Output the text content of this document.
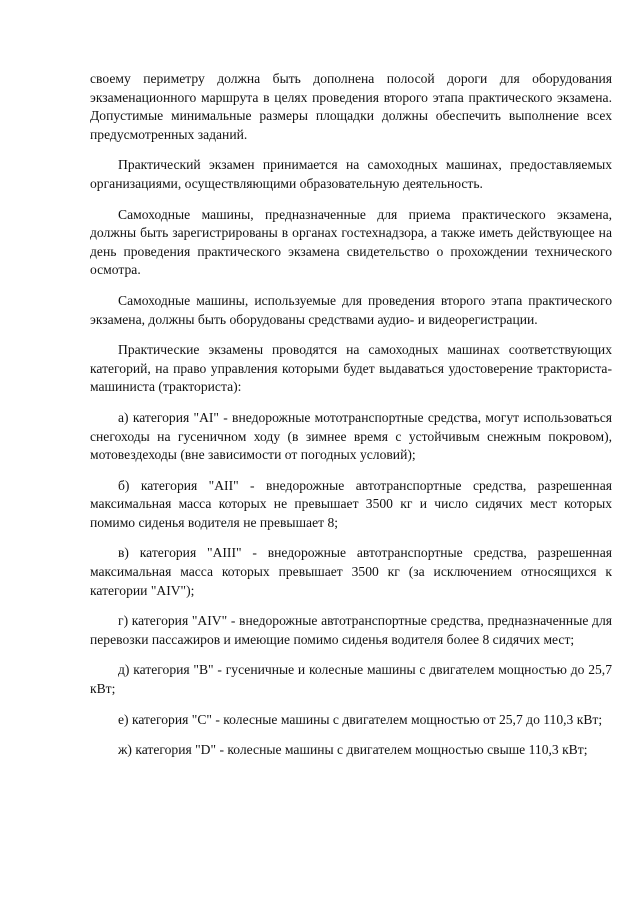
своему периметру должна быть дополнена полосой дороги для оборудования экзаменационного маршрута в целях проведения второго этапа практического экзамена. Допустимые минимальные размеры площадки должны обеспечить выполнение всех предусмотренных заданий.

Практический экзамен принимается на самоходных машинах, предоставляемых организациями, осуществляющими образовательную деятельность.

Самоходные машины, предназначенные для приема практического экзамена, должны быть зарегистрированы в органах гостехнадзора, а также иметь действующее на день проведения практического экзамена свидетельство о прохождении технического осмотра.

Самоходные машины, используемые для проведения второго этапа практического экзамена, должны быть оборудованы средствами аудио- и видеорегистрации.

Практические экзамены проводятся на самоходных машинах соответствующих категорий, на право управления которыми будет выдаваться удостоверение тракториста-машиниста (тракториста):

а) категория "AI" - внедорожные мототранспортные средства, могут использоваться снегоходы на гусеничном ходу (в зимнее время с устойчивым снежным покровом), мотовездеходы (вне зависимости от погодных условий);

б) категория "AII" - внедорожные автотранспортные средства, разрешенная максимальная масса которых не превышает 3500 кг и число сидячих мест которых помимо сиденья водителя не превышает 8;

в) категория "AIII" - внедорожные автотранспортные средства, разрешенная максимальная масса которых превышает 3500 кг (за исключением относящихся к категории "AIV");

г) категория "AIV" - внедорожные автотранспортные средства, предназначенные для перевозки пассажиров и имеющие помимо сиденья водителя более 8 сидячих мест;

д) категория "B" - гусеничные и колесные машины с двигателем мощностью до 25,7 кВт;

е) категория "C" - колесные машины с двигателем мощностью от 25,7 до 110,3 кВт;

ж) категория "D" - колесные машины с двигателем мощностью свыше 110,3 кВт;
